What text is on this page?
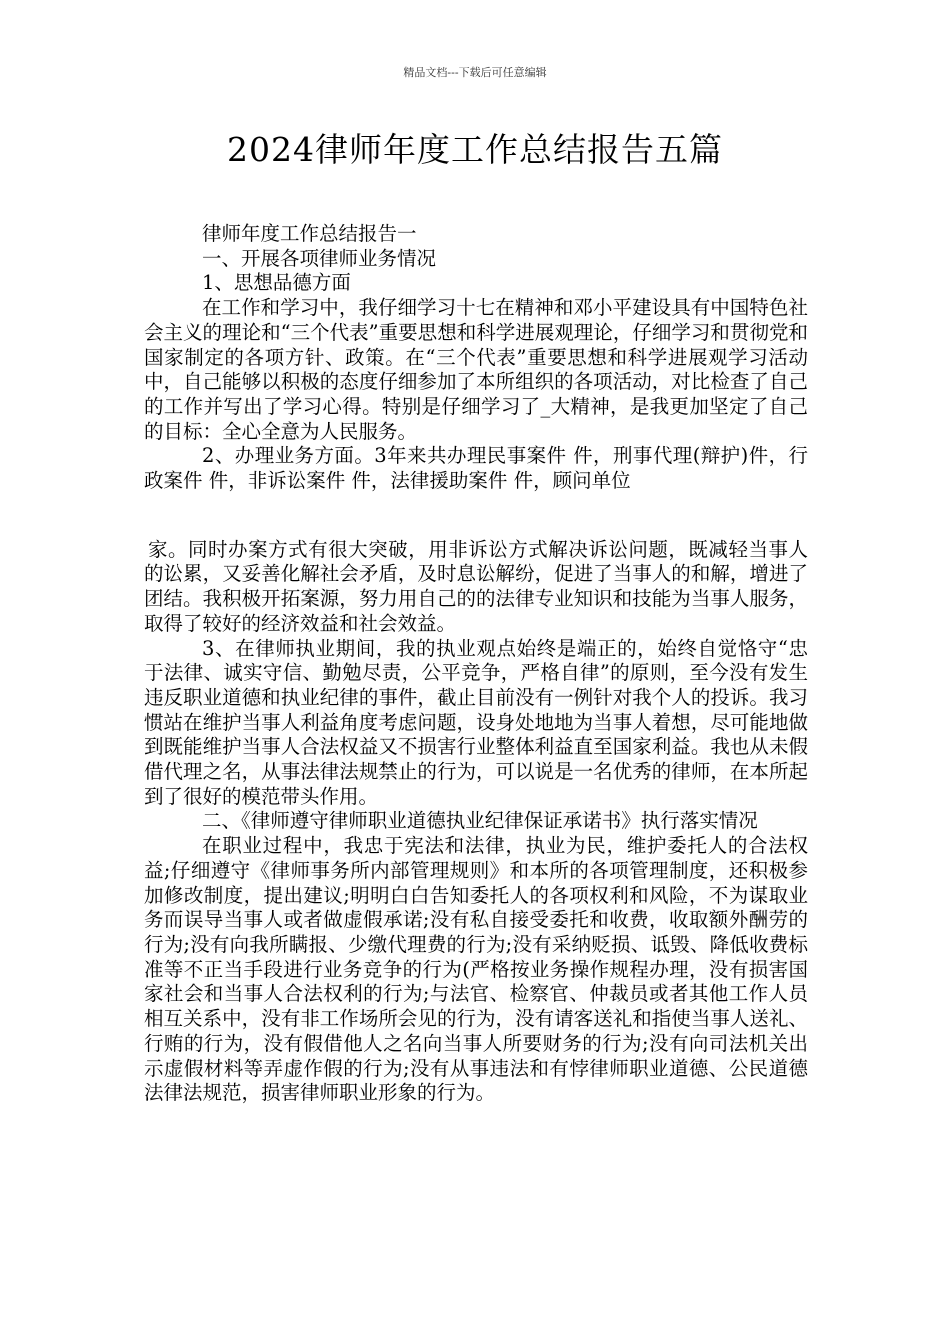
精品文档---下载后可任意编辑
2024律师年度工作总结报告五篇

律师年度工作总结报告一

一、开展各项律师业务情况

1、思想品德方面

在工作和学习中，我仔细学习十七在精神和邓小平建设具有中国特色社会主义的理论和“三个代表”重要思想和科学进展观理论，仔细学习和贯彻党和国家制定的各项方针、政策。在“三个代表”重要思想和科学进展观学习活动中，自己能够以积极的态度仔细参加了本所组织的各项活动，对比检查了自己的工作并写出了学习心得。特别是仔细学习了_大精神，是我更加坚定了自己的目标：全心全意为人民服务。

2、办理业务方面。3年来共办理民事案件 件，刑事代理(辩护)件，行政案件 件，非诉讼案件 件，法律援助案件 件，顾问单位

家。同时办案方式有很大突破，用非诉讼方式解决诉讼问题，既减轻当事人的讼累，又妥善化解社会矛盾，及时息讼解纷，促进了当事人的和解，增进了团结。我积极开拓案源，努力用自己的的法律专业知识和技能为当事人服务，取得了较好的经济效益和社会效益。

3、在律师执业期间，我的执业观点始终是端正的，始终自觉恪守“忠于法律、诚实守信、勤勉尽责，公平竞争，严格自律”的原则，至今没有发生违反职业道德和执业纪律的事件，截止目前没有一例针对我个人的投诉。我习惯站在维护当事人利益角度考虑问题，设身处地地为当事人着想，尽可能地做到既能维护当事人合法权益又不损害行业整体利益直至国家利益。我也从未假借代理之名，从事法律法规禁止的行为，可以说是一名优秀的律师，在本所起到了很好的模范带头作用。

二、《律师遵守律师职业道德执业纪律保证承诺书》执行落实情况

在职业过程中，我忠于宪法和法律，执业为民，维护委托人的合法权益;仔细遵守《律师事务所内部管理规则》和本所的各项管理制度，还积极参加修改制度，提出建议;明明白白告知委托人的各项权利和风险，不为谋取业务而误导当事人或者做虚假承诺;没有私自接受委托和收费，收取额外酬劳的行为;没有向我所瞒报、少缴代理费的行为;没有采纳贬损、诋毁、降低收费标准等不正当手段进行业务竞争的行为(严格按业务操作规程办理，没有损害国家社会和当事人合法权利的行为;与法官、检察官、仲裁员或者其他工作人员相互关系中，没有非工作场所会见的行为，没有请客送礼和指使当事人送礼、行贿的行为，没有假借他人之名向当事人所要财务的行为;没有向司法机关出示虚假材料等弄虚作假的行为;没有从事违法和有悖律师职业道德、公民道德法律法规范，损害律师职业形象的行为。
